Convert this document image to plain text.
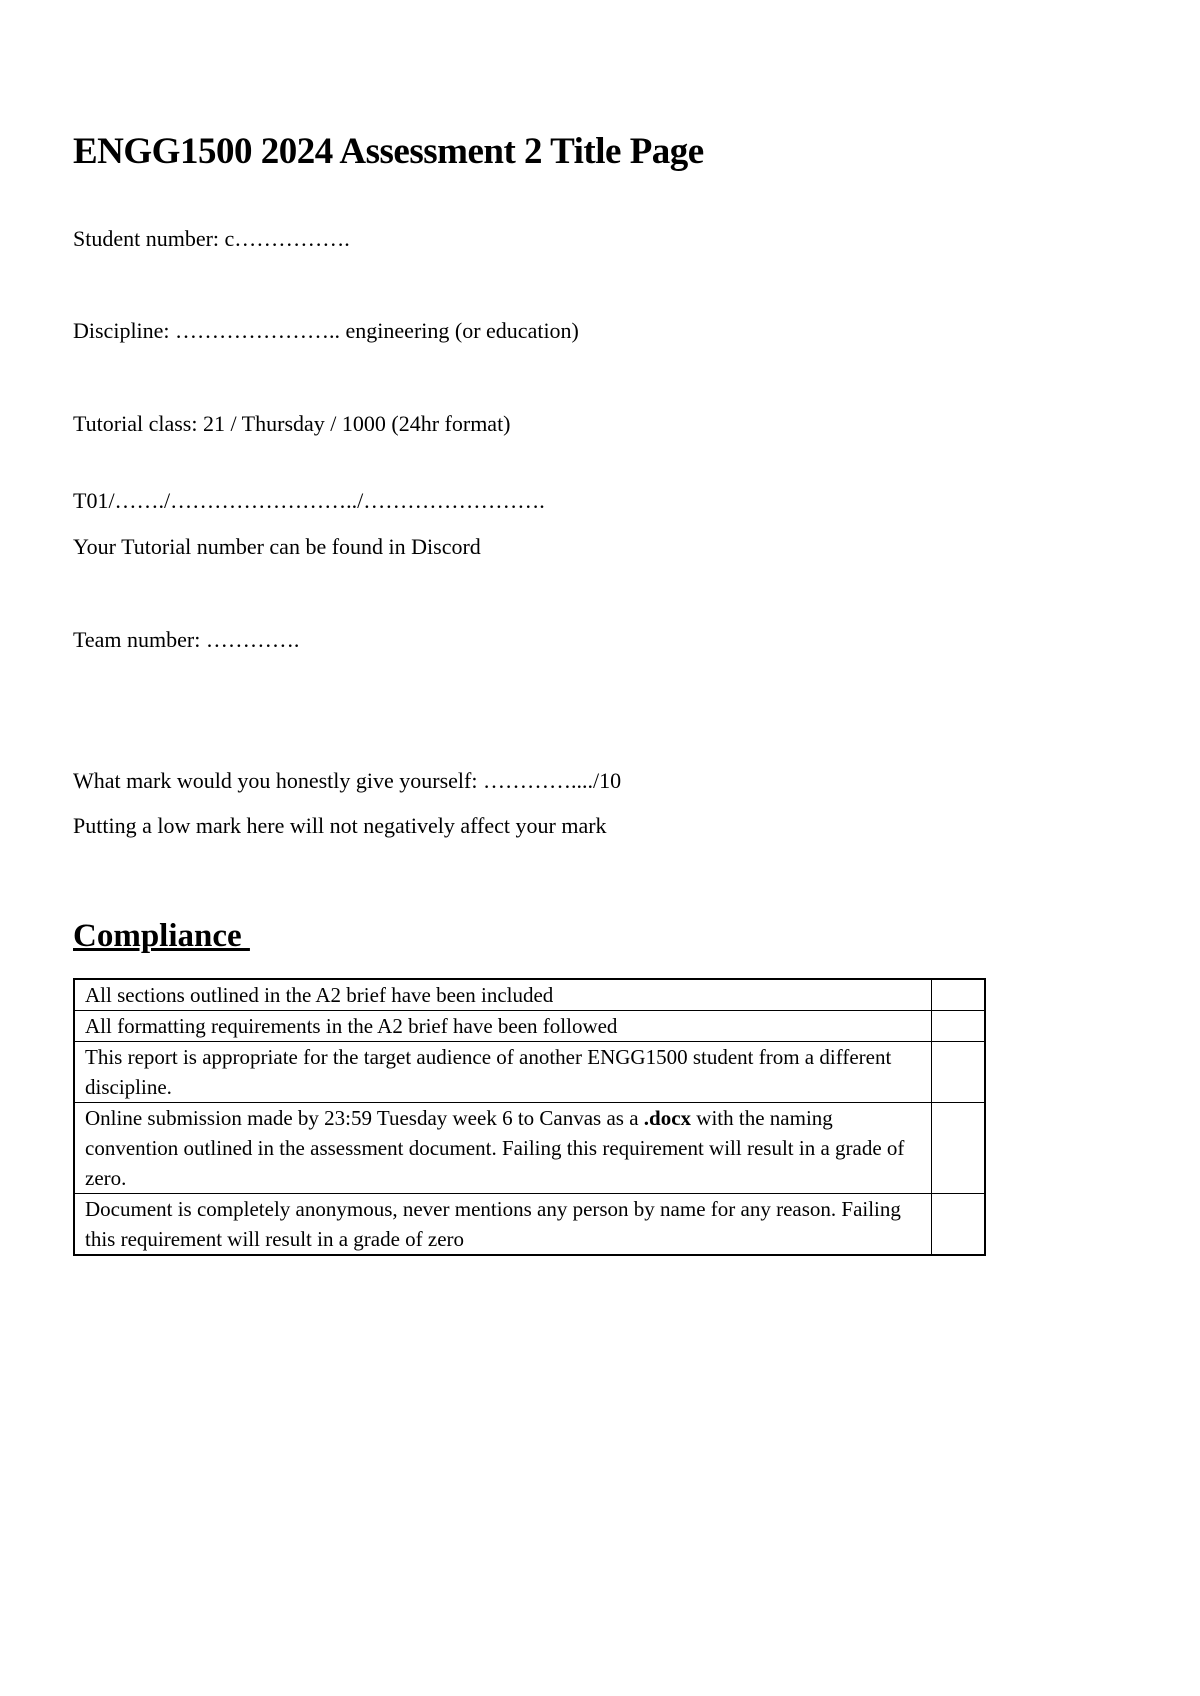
ENGG1500 2024 Assessment 2 Title Page
Student number: c…………….
Discipline: ………………….. engineering (or education)
Tutorial class: 21 / Thursday / 1000 (24hr format)
T01/……./……………………../…………………….
Your Tutorial number can be found in Discord
Team number: ………….
What mark would you honestly give yourself: …………..../10
Putting a low mark here will not negatively affect your mark
Compliance
All sections outlined in the A2 brief have been included	
All formatting requirements in the A2 brief have been followed	
This report is appropriate for the target audience of another ENGG1500 student from a different discipline.	
Online submission made by 23:59 Tuesday week 6 to Canvas as a .docx with the naming convention outlined in the assessment document. Failing this requirement will result in a grade of zero.	
Document is completely anonymous, never mentions any person by name for any reason. Failing this requirement will result in a grade of zero	
